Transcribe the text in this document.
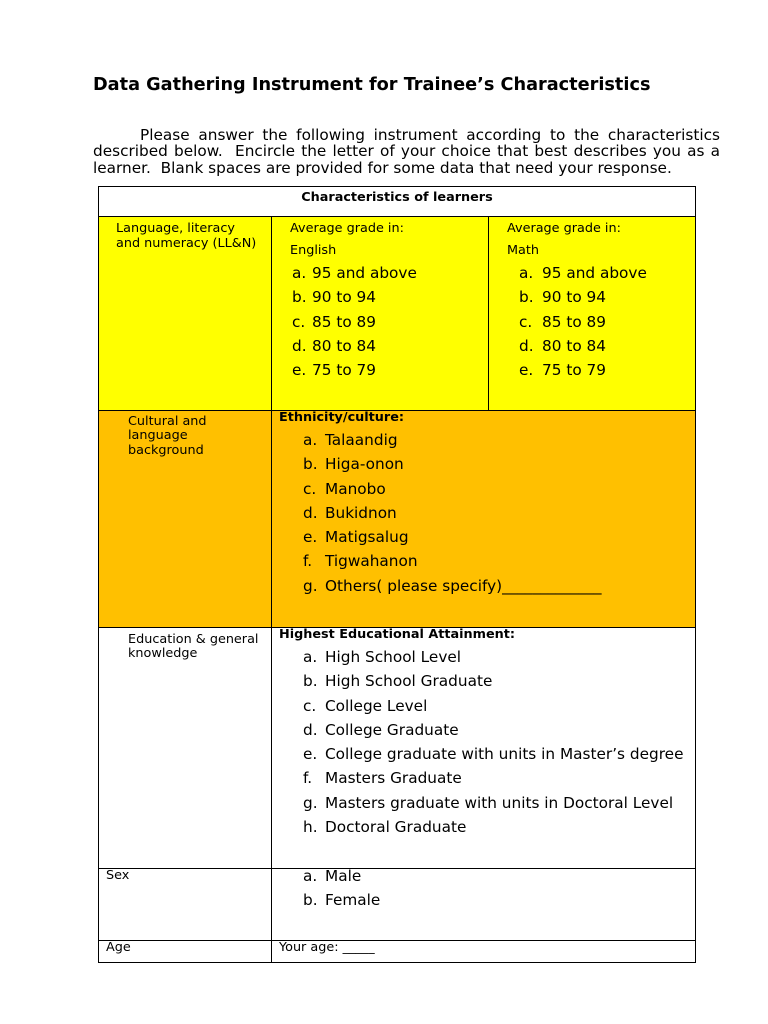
Data Gathering Instrument for Trainee’s Characteristics

Please answer the following instrument according to the characteristics described below.  Encircle the letter of your choice that best describes you as a learner.  Blank spaces are provided for some data that need your response.

Characteristics of learners
Language, literacy and numeracy (LL&N)
Average grade in:
English
a. 95 and above
b. 90 to 94
c. 85 to 89
d. 80 to 84
e. 75 to 79
Average grade in:
Math
a. 95 and above
b. 90 to 94
c. 85 to 89
d. 80 to 84
e. 75 to 79
Cultural and language background
Ethnicity/culture:
a. Talaandig
b. Higa-onon
c. Manobo
d. Bukidnon
e. Matigsalug
f. Tigwahanon
g. Others( please specify)_____________
Education & general knowledge
Highest Educational Attainment:
a. High School Level
b. High School Graduate
c. College Level
d. College Graduate
e. College graduate with units in Master’s degree
f. Masters Graduate
g. Masters graduate with units in Doctoral Level
h. Doctoral Graduate
Sex	a. Male
b. Female
Age	Your age: _____
